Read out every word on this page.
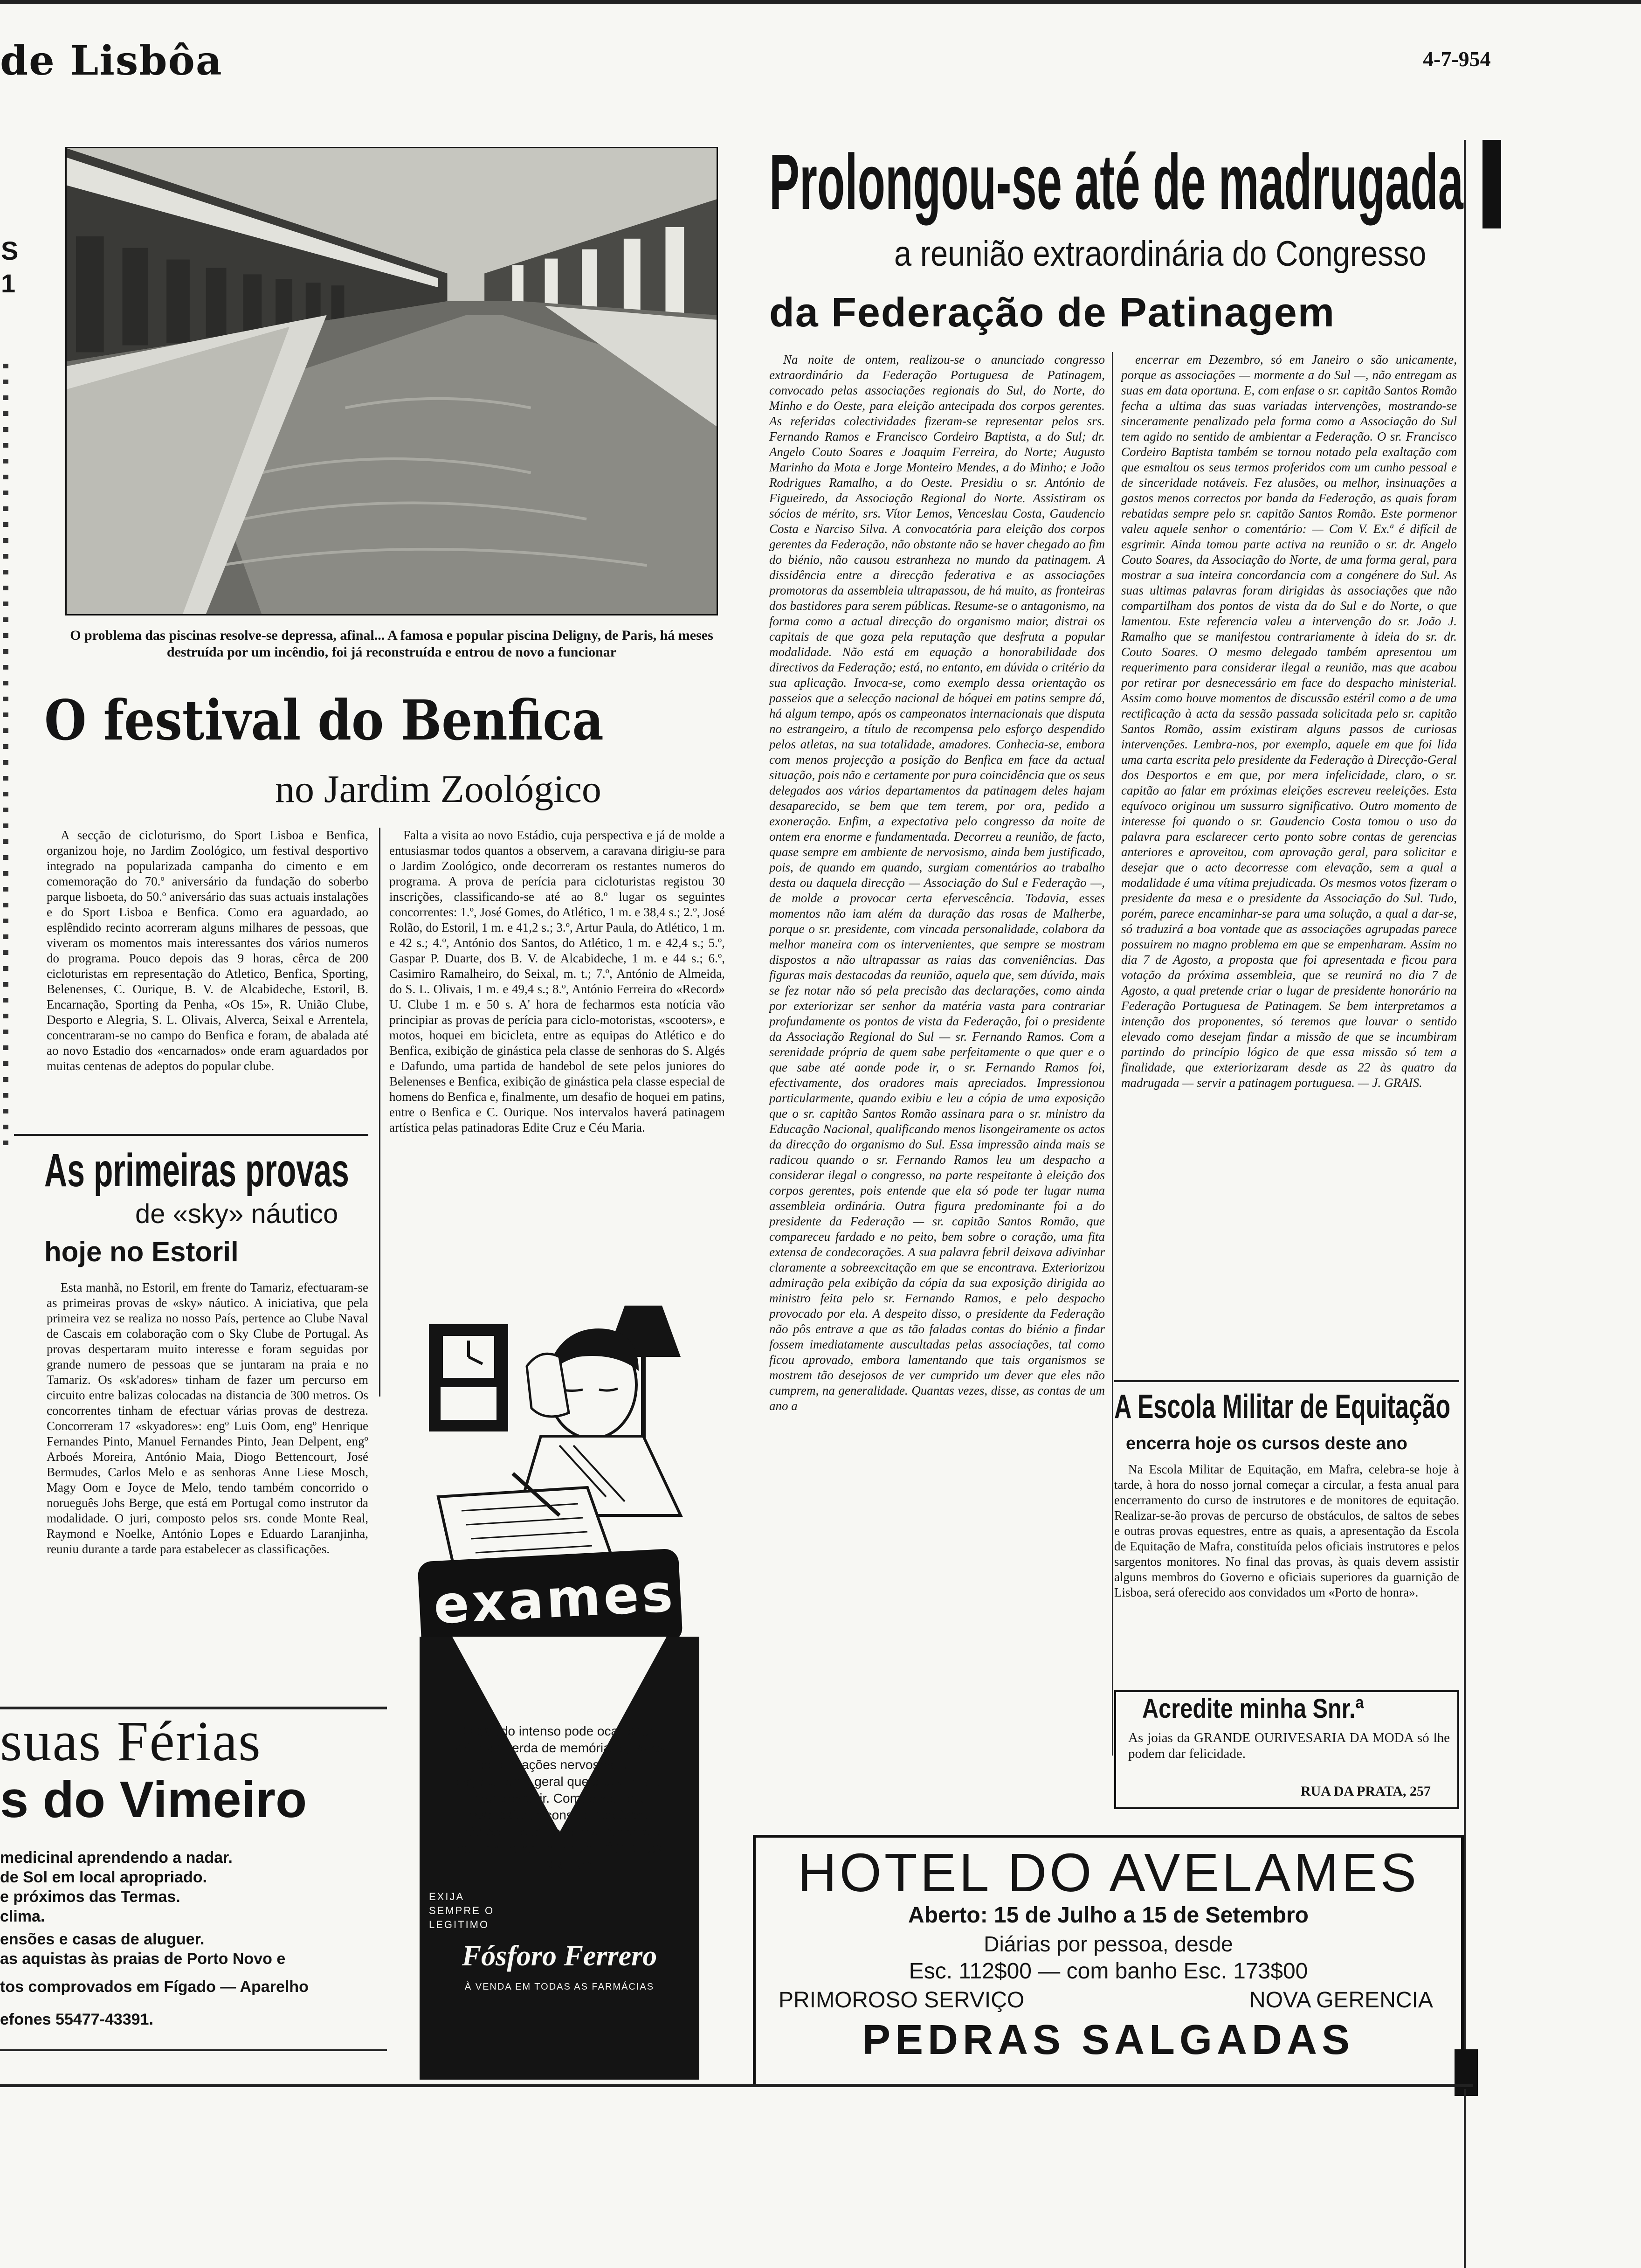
de Lisbôa	4-7-954
S
1
O problema das piscinas resolve-se depressa, afinal... A famosa e popular piscina Deligny, de Paris, há meses destruída por um incêndio, foi já reconstruída e entrou de novo a funcionar
O festival do Benfica
no Jardim Zoológico
A secção de cicloturismo, do Sport Lisboa e Benfica, organizou hoje, no Jardim Zoológico, um festival desportivo integrado na popularizada campanha do cimento e em comemoração do 70.º aniversário da fundação do soberbo parque lisboeta, do 50.º aniversário das suas actuais instalações e do Sport Lisboa e Benfica. Como era aguardado, ao esplêndido recinto acorreram alguns milhares de pessoas, que viveram os momentos mais interessantes dos vários numeros do programa. Pouco depois das 9 horas, cêrca de 200 cicloturistas em representação do Atletico, Benfica, Sporting, Belenenses, C. Ourique, B. V. de Alcabideche, Estoril, B. Encarnação, Sporting da Penha, «Os 15», R. União Clube, Desporto e Alegria, S. L. Olivais, Alverca, Seixal e Arrentela, concentraram-se no campo do Benfica e foram, de abalada até ao novo Estadio dos «encarnados» onde eram aguardados por muitas centenas de adeptos do popular clube.
Falta a visita ao novo Estádio, cuja perspectiva e já de molde a entusiasmar todos quantos a observem, a caravana dirigiu-se para o Jardim Zoológico, onde decorreram os restantes numeros do programa. A prova de perícia para cicloturistas registou 30 inscrições, classificando-se até ao 8.º lugar os seguintes concorrentes: 1.º, José Gomes, do Atlético, 1 m. e 38,4 s.; 2.º, José Rolão, do Estoril, 1 m. e 41,2 s.; 3.º, Artur Paula, do Atlético, 1 m. e 42 s.; 4.º, António dos Santos, do Atlético, 1 m. e 42,4 s.; 5.º, Gaspar P. Duarte, dos B. V. de Alcabideche, 1 m. e 44 s.; 6.º, Casimiro Ramalheiro, do Seixal, m. t.; 7.º, António de Almeida, do S. L. Olivais, 1 m. e 49,4 s.; 8.º, António Ferreira do «Record» U. Clube 1 m. e 50 s. A' hora de fecharmos esta notícia vão principiar as provas de perícia para ciclo-motoristas, «scooters», e motos, hoquei em bicicleta, entre as equipas do Atlético e do Benfica, exibição de ginástica pela classe de senhoras do S. Algés e Dafundo, uma partida de handebol de sete pelos juniores do Belenenses e Benfica, exibição de ginástica pela classe especial de homens do Benfica e, finalmente, um desafio de hoquei em patins, entre o Benfica e C. Ourique. Nos intervalos haverá patinagem artística pelas patinadoras Edite Cruz e Céu Maria.
As primeiras provas
de «sky» náutico
hoje no Estoril
Esta manhã, no Estoril, em frente do Tamariz, efectuaram-se as primeiras provas de «sky» náutico. A iniciativa, que pela primeira vez se realiza no nosso País, pertence ao Clube Naval de Cascais em colaboração com o Sky Clube de Portugal. As provas despertaram muito interesse e foram seguidas por grande numero de pessoas que se juntaram na praia e no Tamariz. Os «sk'adores» tinham de fazer um percurso em circuito entre balizas colocadas na distancia de 300 metros. Os concorrentes tinham de efectuar várias provas de destreza. Concorreram 17 «skyadores»: engº Luis Oom, engº Henrique Fernandes Pinto, Manuel Fernandes Pinto, Jean Delpent, engº Arboés Moreira, António Maia, Diogo Bettencourt, José Bermudes, Carlos Melo e as senhoras Anne Liese Mosch, Magy Oom e Joyce de Melo, tendo também concorrido o norueguês Johs Berge, que está em Portugal como instrutor da modalidade. O juri, composto pelos srs. conde Monte Real, Raymond e Noelke, António Lopes e Eduardo Laranjinha, reuniu durante a tarde para estabelecer as classificações.
suas Férias
s do Vimeiro
medicinal aprendendo a nadar.
de Sol em local apropriado.
e próximos das Termas.
clima.
ensões e casas de aluguer.
as aquistas às praias de Porto Novo e
tos comprovados em Fígado — Aparelho
efones 55477-43391.
exames
O estudo intenso pode ocasionar, além da perda de memória e graves perturbações nervosas, um esgotamento geral que a Juventude deve prevenir. Compense, pois, esse esforço consultando ò seu médico — e tome confiadamente o conhecido neuro-tónico FÓSFORO FERRERO
EXIJA
SEMPRE O
LEGITIMO
Fósforo Ferrero
À VENDA EM TODAS AS FARMÁCIAS
Prolongou-se até de madrugada
a reunião extraordinária do Congresso
da Federação de Patinagem
Na noite de ontem, realizou-se o anunciado congresso extraordinário da Federação Portuguesa de Patinagem, convocado pelas associações regionais do Sul, do Norte, do Minho e do Oeste, para eleição antecipada dos corpos gerentes. As referidas colectividades fizeram-se representar pelos srs. Fernando Ramos e Francisco Cordeiro Baptista, a do Sul; dr. Angelo Couto Soares e Joaquim Ferreira, do Norte; Augusto Marinho da Mota e Jorge Monteiro Mendes, a do Minho; e João Rodrigues Ramalho, a do Oeste. Presidiu o sr. António de Figueiredo, da Associação Regional do Norte. Assistiram os sócios de mérito, srs. Vítor Lemos, Venceslau Costa, Gaudencio Costa e Narciso Silva. A convocatória para eleição dos corpos gerentes da Federação, não obstante não se haver chegado ao fim do biénio, não causou estranheza no mundo da patinagem. A dissidência entre a direcção federativa e as associações promotoras da assembleia ultrapassou, de há muito, as fronteiras dos bastidores para serem públicas. Resume-se o antagonismo, na forma como a actual direcção do organismo maior, distrai os capitais de que goza pela reputação que desfruta a popular modalidade. Não está em equação a honorabilidade dos directivos da Federação; está, no entanto, em dúvida o critério da sua aplicação. Invoca-se, como exemplo dessa orientação os passeios que a selecção nacional de hóquei em patins sempre dá, há algum tempo, após os campeonatos internacionais que disputa no estrangeiro, a título de recompensa pelo esforço despendido pelos atletas, na sua totalidade, amadores. Conhecia-se, embora com menos projecção a posição do Benfica em face da actual situação, pois não e certamente por pura coincidência que os seus delegados aos vários departamentos da patinagem deles hajam desaparecido, se bem que tem terem, por ora, pedido a exoneração. Enfim, a expectativa pelo congresso da noite de ontem era enorme e fundamentada. Decorreu a reunião, de facto, quase sempre em ambiente de nervosismo, ainda bem justificado, pois, de quando em quando, surgiam comentários ao trabalho desta ou daquela direcção — Associação do Sul e Federação —, de molde a provocar certa efervescência. Todavia, esses momentos não iam além da duração das rosas de Malherbe, porque o sr. presidente, com vincada personalidade, colabora da melhor maneira com os intervenientes, que sempre se mostram dispostos a não ultrapassar as raias das conveniências. Das figuras mais destacadas da reunião, aquela que, sem dúvida, mais se fez notar não só pela precisão das declarações, como ainda por exteriorizar ser senhor da matéria vasta para contrariar profundamente os pontos de vista da Federação, foi o presidente da Associação Regional do Sul — sr. Fernando Ramos. Com a serenidade própria de quem sabe perfeitamente o que quer e o que sabe até aonde pode ir, o sr. Fernando Ramos foi, efectivamente, dos oradores mais apreciados. Impressionou particularmente, quando exibiu e leu a cópia de uma exposição que o sr. capitão Santos Romão assinara para o sr. ministro da Educação Nacional, qualificando menos lisongeiramente os actos da direcção do organismo do Sul. Essa impressão ainda mais se radicou quando o sr. Fernando Ramos leu um despacho a considerar ilegal o congresso, na parte respeitante à eleição dos corpos gerentes, pois entende que ela só pode ter lugar numa assembleia ordinária. Outra figura predominante foi a do presidente da Federação — sr. capitão Santos Romão, que compareceu fardado e no peito, bem sobre o coração, uma fita extensa de condecorações. A sua palavra febril deixava adivinhar claramente a sobreexcitação em que se encontrava. Exteriorizou admiração pela exibição da cópia da sua exposição dirigida ao ministro feita pelo sr. Fernando Ramos, e pelo despacho provocado por ela. A despeito disso, o presidente da Federação não pôs entrave a que as tão faladas contas do biénio a findar fossem imediatamente auscultadas pelas associações, tal como ficou aprovado, embora lamentando que tais organismos se mostrem tão desejosos de ver cumprido um dever que eles não cumprem, na generalidade. Quantas vezes, disse, as contas de um ano a
encerrar em Dezembro, só em Janeiro o são unicamente, porque as associações — mormente a do Sul —, não entregam as suas em data oportuna. E, com enfase o sr. capitão Santos Romão fecha a ultima das suas variadas intervenções, mostrando-se sinceramente penalizado pela forma como a Associação do Sul tem agido no sentido de ambientar a Federação. O sr. Francisco Cordeiro Baptista também se tornou notado pela exaltação com que esmaltou os seus termos proferidos com um cunho pessoal e de sinceridade notáveis. Fez alusões, ou melhor, insinuações a gastos menos correctos por banda da Federação, as quais foram rebatidas sempre pelo sr. capitão Santos Romão. Este pormenor valeu aquele senhor o comentário: — Com V. Ex.ª é difícil de esgrimir. Ainda tomou parte activa na reunião o sr. dr. Angelo Couto Soares, da Associação do Norte, de uma forma geral, para mostrar a sua inteira concordancia com a congénere do Sul. As suas ultimas palavras foram dirigidas às associações que não compartilham dos pontos de vista da do Sul e do Norte, o que lamentou. Este referencia valeu a intervenção do sr. João J. Ramalho que se manifestou contrariamente à ideia do sr. dr. Couto Soares. O mesmo delegado também apresentou um requerimento para considerar ilegal a reunião, mas que acabou por retirar por desnecessário em face do despacho ministerial. Assim como houve momentos de discussão estéril como a de uma rectificação à acta da sessão passada solicitada pelo sr. capitão Santos Romão, assim existiram alguns passos de curiosas intervenções. Lembra-nos, por exemplo, aquele em que foi lida uma carta escrita pelo presidente da Federação à Direcção-Geral dos Desportos e em que, por mera infelicidade, claro, o sr. capitão ao falar em próximas eleições escreveu reeleições. Esta equívoco originou um sussurro significativo. Outro momento de interesse foi quando o sr. Gaudencio Costa tomou o uso da palavra para esclarecer certo ponto sobre contas de gerencias anteriores e aproveitou, com aprovação geral, para solicitar e desejar que o acto decorresse com elevação, sem a qual a modalidade é uma vítima prejudicada. Os mesmos votos fizeram o presidente da mesa e o presidente da Associação do Sul. Tudo, porém, parece encaminhar-se para uma solução, a qual a dar-se, só traduzirá a boa vontade que as associações agrupadas parece possuirem no magno problema em que se empenharam. Assim no dia 7 de Agosto, a proposta que foi apresentada e ficou para votação da próxima assembleia, que se reunirá no dia 7 de Agosto, a qual pretende criar o lugar de presidente honorário na Federação Portuguesa de Patinagem. Se bem interpretamos a intenção dos proponentes, só teremos que louvar o sentido elevado como desejam findar a missão de que se incumbiram partindo do princípio lógico de que essa missão só tem a finalidade, que exteriorizaram desde as 22 às quatro da madrugada — servir a patinagem portuguesa. — J. GRAIS.
A Escola Militar de Equitação
encerra hoje os cursos deste ano
Na Escola Militar de Equitação, em Mafra, celebra-se hoje à tarde, à hora do nosso jornal começar a circular, a festa anual para encerramento do curso de instrutores e de monitores de equitação. Realizar-se-ão provas de percurso de obstáculos, de saltos de sebes e outras provas equestres, entre as quais, a apresentação da Escola de Equitação de Mafra, constituída pelos oficiais instrutores e pelos sargentos monitores. No final das provas, às quais devem assistir alguns membros do Governo e oficiais superiores da guarnição de Lisboa, será oferecido aos convidados um «Porto de honra».
Acredite minha Snr.ª
As joias da GRANDE OURIVESARIA DA MODA só lhe podem dar felicidade.
RUA DA PRATA, 257
HOTEL DO AVELAMES
Aberto: 15 de Julho a 15 de Setembro
Diárias por pessoa, desde
Esc. 112$00 — com banho Esc. 173$00
PRIMOROSO SERVIÇO	NOVA GERENCIA
PEDRAS SALGADAS
